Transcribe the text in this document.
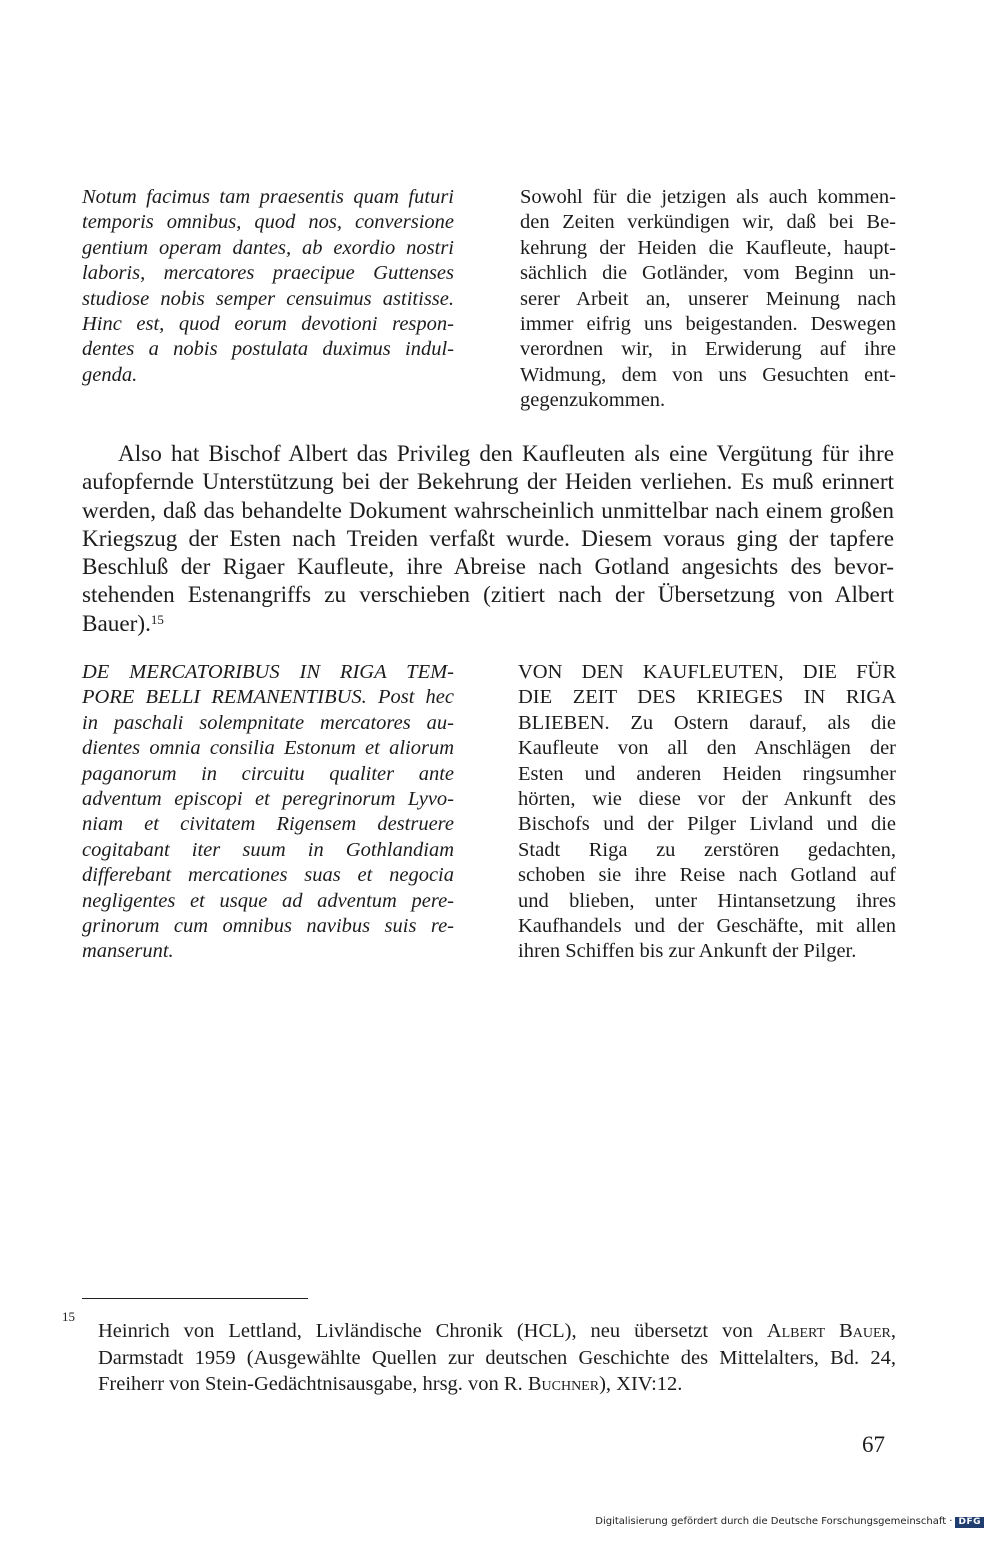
Notum facimus tam praesentis quam futuri
temporis omnibus, quod nos, conversione
gentium operam dantes, ab exordio nostri
laboris, mercatores praecipue Guttenses
studiose nobis semper censuimus astitisse.
Hinc est, quod eorum devotioni respon-
dentes a nobis postulata duximus indul-
genda.
Sowohl für die jetzigen als auch kommen-
den Zeiten verkündigen wir, daß bei Be-
kehrung der Heiden die Kaufleute, haupt-
sächlich die Gotländer, vom Beginn un-
serer Arbeit an, unserer Meinung nach
immer eifrig uns beigestanden. Deswegen
verordnen wir, in Erwiderung auf ihre
Widmung, dem von uns Gesuchten ent-
gegenzukommen.
Also hat Bischof Albert das Privileg den Kaufleuten als eine Vergütung für ihre
aufopfernde Unterstützung bei der Bekehrung der Heiden verliehen. Es muß erinnert
werden, daß das behandelte Dokument wahrscheinlich unmittelbar nach einem großen
Kriegszug der Esten nach Treiden verfaßt wurde. Diesem voraus ging der tapfere
Beschluß der Rigaer Kaufleute, ihre Abreise nach Gotland angesichts des bevor-
stehenden Estenangriffs zu verschieben (zitiert nach der Übersetzung von Albert
Bauer).$^{15}$
DE MERCATORIBUS IN RIGA TEM-
PORE BELLI REMANENTIBUS. Post hec
in paschali solempnitate mercatores au-
dientes omnia consilia Estonum et aliorum
paganorum in circuitu qualiter ante
adventum episcopi et peregrinorum Lyvo-
niam et civitatem Rigensem destruere
cogitabant iter suum in Gothlandiam
differebant mercationes suas et negocia
negligentes et usque ad adventum pere-
grinorum cum omnibus navibus suis re-
manserunt.
VON DEN KAUFLEUTEN, DIE FÜR
DIE ZEIT DES KRIEGES IN RIGA
BLIEBEN. Zu Ostern darauf, als die
Kaufleute von all den Anschlägen der
Esten und anderen Heiden ringsumher
hörten, wie diese vor der Ankunft des
Bischofs und der Pilger Livland und die
Stadt Riga zu zerstören gedachten,
schoben sie ihre Reise nach Gotland auf
und blieben, unter Hintansetzung ihres
Kaufhandels und der Geschäfte, mit allen
ihren Schiffen bis zur Ankunft der Pilger.
15
Heinrich von Lettland, Livländische Chronik (HCL), neu übersetzt von Albert Bauer,
Darmstadt 1959 (Ausgewählte Quellen zur deutschen Geschichte des Mittelalters, Bd. 24,
Freiherr von Stein-Gedächtnisausgabe, hrsg. von R. Buchner), XIV:12.
67
Digitalisierung gefördert durch die Deutsche Forschungsgemeinschaft · DFG
